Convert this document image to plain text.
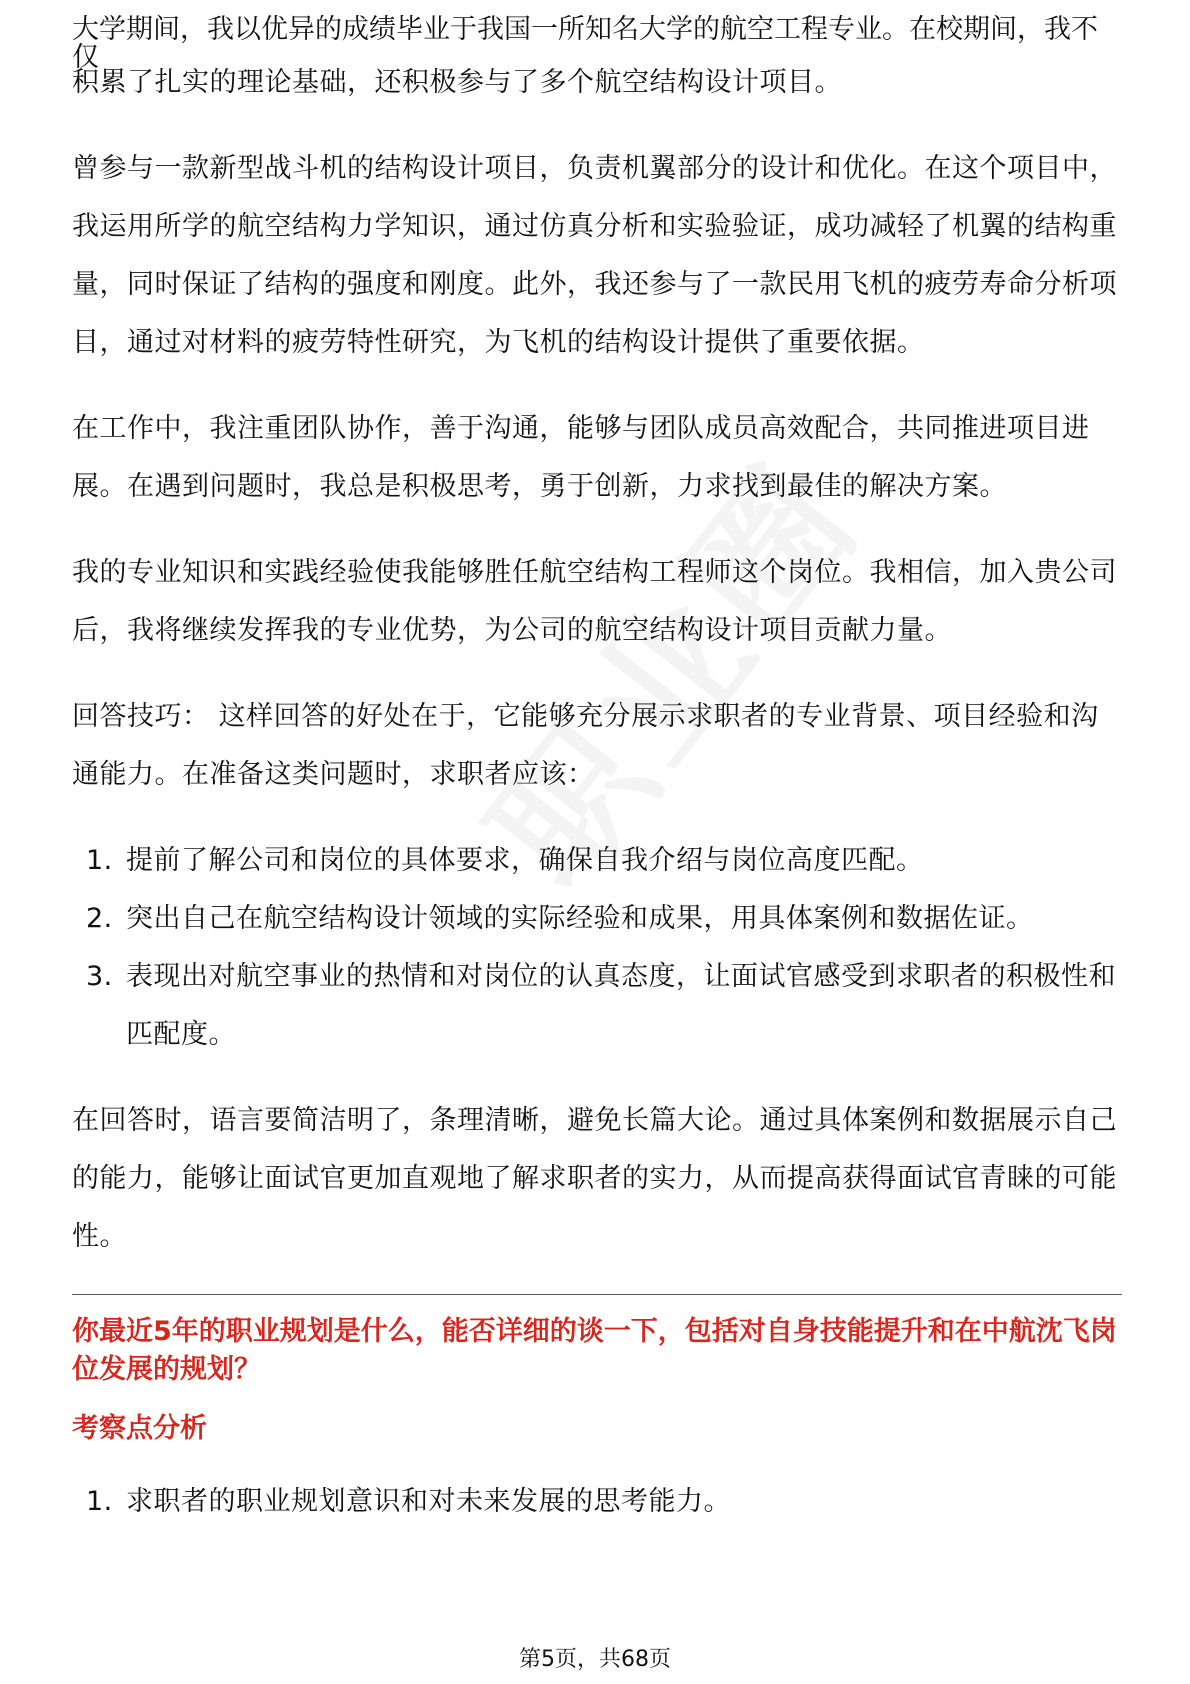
大学期间，我以优异的成绩毕业于我国一所知名大学的航空工程专业。在校期间，我不仅

积累了扎实的理论基础，还积极参与了多个航空结构设计项目。

曾参与一款新型战斗机的结构设计项目，负责机翼部分的设计和优化。在这个项目中，我运用所学的航空结构力学知识，通过仿真分析和实验验证，成功减轻了机翼的结构重量，同时保证了结构的强度和刚度。此外，我还参与了一款民用飞机的疲劳寿命分析项目，通过对材料的疲劳特性研究，为飞机的结构设计提供了重要依据。

在工作中，我注重团队协作，善于沟通，能够与团队成员高效配合，共同推进项目进展。在遇到问题时，我总是积极思考，勇于创新，力求找到最佳的解决方案。

我的专业知识和实践经验使我能够胜任航空结构工程师这个岗位。我相信，加入贵公司后，我将继续发挥我的专业优势，为公司的航空结构设计项目贡献力量。

回答技巧： 这样回答的好处在于，它能够充分展示求职者的专业背景、项目经验和沟通能力。在准备这类问题时，求职者应该：

1. 提前了解公司和岗位的具体要求，确保自我介绍与岗位高度匹配。
2. 突出自己在航空结构设计领域的实际经验和成果，用具体案例和数据佐证。
3. 表现出对航空事业的热情和对岗位的认真态度，让面试官感受到求职者的积极性和匹配度。

在回答时，语言要简洁明了，条理清晰，避免长篇大论。通过具体案例和数据展示自己的能力，能够让面试官更加直观地了解求职者的实力，从而提高获得面试官青睐的可能性。

你最近5年的职业规划是什么，能否详细的谈一下，包括对自身技能提升和在中航沈飞岗位发展的规划？
考察点分析
1. 求职者的职业规划意识和对未来发展的思考能力。
第5页，共68页
